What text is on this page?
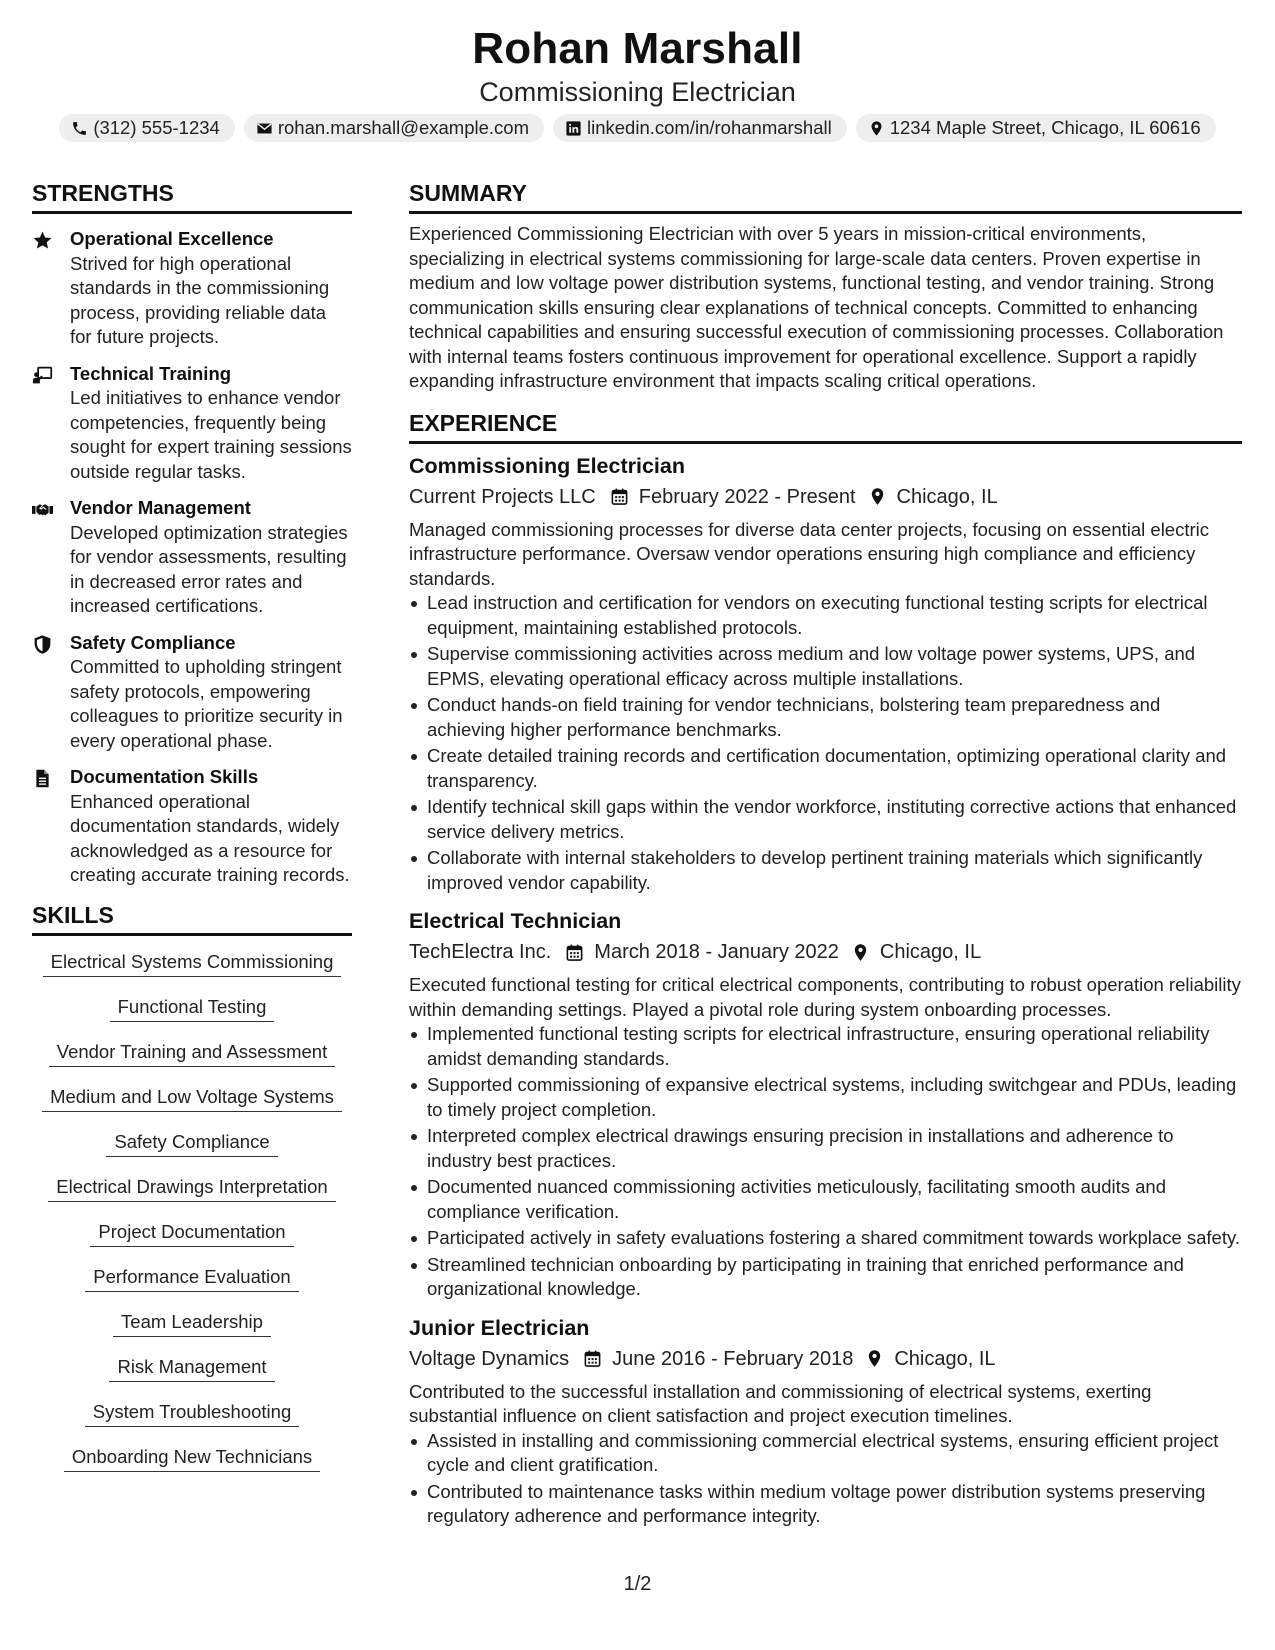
Rohan Marshall
Commissioning Electrician
(312) 555-1234	rohan.marshall@example.com	linkedin.com/in/rohanmarshall	1234 Maple Street, Chicago, IL 60616
STRENGTHS
Operational Excellence
Strived for high operational standards in the commissioning process, providing reliable data for future projects.
Technical Training
Led initiatives to enhance vendor competencies, frequently being sought for expert training sessions outside regular tasks.
Vendor Management
Developed optimization strategies for vendor assessments, resulting in decreased error rates and increased certifications.
Safety Compliance
Committed to upholding stringent safety protocols, empowering colleagues to prioritize security in every operational phase.
Documentation Skills
Enhanced operational documentation standards, widely acknowledged as a resource for creating accurate training records.
SKILLS
Electrical Systems Commissioning
Functional Testing
Vendor Training and Assessment
Medium and Low Voltage Systems
Safety Compliance
Electrical Drawings Interpretation
Project Documentation
Performance Evaluation
Team Leadership
Risk Management
System Troubleshooting
Onboarding New Technicians
SUMMARY
Experienced Commissioning Electrician with over 5 years in mission-critical environments, specializing in electrical systems commissioning for large-scale data centers. Proven expertise in medium and low voltage power distribution systems, functional testing, and vendor training. Strong communication skills ensuring clear explanations of technical concepts. Committed to enhancing technical capabilities and ensuring successful execution of commissioning processes. Collaboration with internal teams fosters continuous improvement for operational excellence. Support a rapidly expanding infrastructure environment that impacts scaling critical operations.
EXPERIENCE
Commissioning Electrician
Current Projects LLC February 2022 - Present Chicago, IL
Managed commissioning processes for diverse data center projects, focusing on essential electric infrastructure performance. Oversaw vendor operations ensuring high compliance and efficiency standards.
Lead instruction and certification for vendors on executing functional testing scripts for electrical equipment, maintaining established protocols.
Supervise commissioning activities across medium and low voltage power systems, UPS, and EPMS, elevating operational efficacy across multiple installations.
Conduct hands-on field training for vendor technicians, bolstering team preparedness and achieving higher performance benchmarks.
Create detailed training records and certification documentation, optimizing operational clarity and transparency.
Identify technical skill gaps within the vendor workforce, instituting corrective actions that enhanced service delivery metrics.
Collaborate with internal stakeholders to develop pertinent training materials which significantly improved vendor capability.
Electrical Technician
TechElectra Inc. March 2018 - January 2022 Chicago, IL
Executed functional testing for critical electrical components, contributing to robust operation reliability within demanding settings. Played a pivotal role during system onboarding processes.
Implemented functional testing scripts for electrical infrastructure, ensuring operational reliability amidst demanding standards.
Supported commissioning of expansive electrical systems, including switchgear and PDUs, leading to timely project completion.
Interpreted complex electrical drawings ensuring precision in installations and adherence to industry best practices.
Documented nuanced commissioning activities meticulously, facilitating smooth audits and compliance verification.
Participated actively in safety evaluations fostering a shared commitment towards workplace safety.
Streamlined technician onboarding by participating in training that enriched performance and organizational knowledge.
Junior Electrician
Voltage Dynamics June 2016 - February 2018 Chicago, IL
Contributed to the successful installation and commissioning of electrical systems, exerting substantial influence on client satisfaction and project execution timelines.
Assisted in installing and commissioning commercial electrical systems, ensuring efficient project cycle and client gratification.
Contributed to maintenance tasks within medium voltage power distribution systems preserving regulatory adherence and performance integrity.
1/2
